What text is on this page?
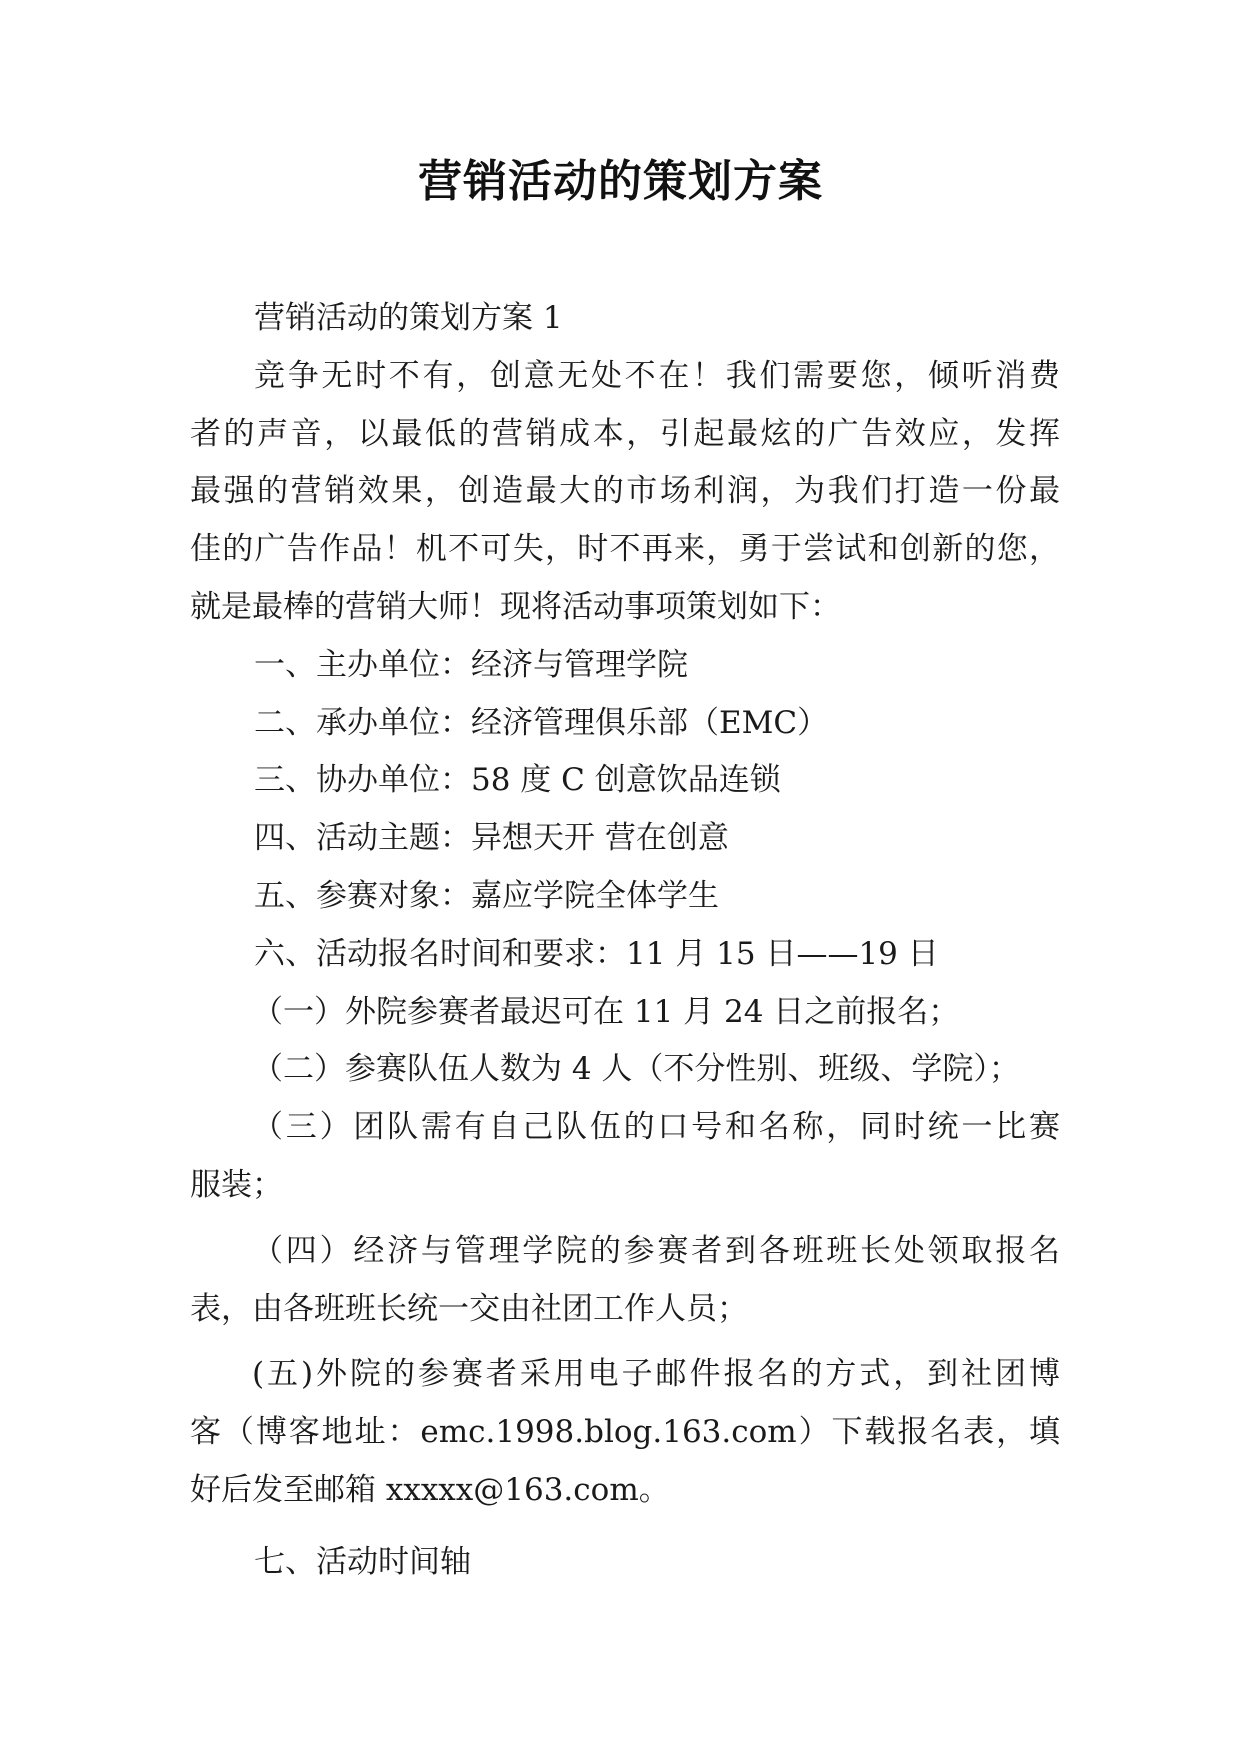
营销活动的策划方案
营销活动的策划方案 1
竞争无时不有，创意无处不在！我们需要您，倾听消费
者的声音，以最低的营销成本，引起最炫的广告效应，发挥
最强的营销效果，创造最大的市场利润，为我们打造一份最
佳的广告作品！机不可失，时不再来，勇于尝试和创新的您，
就是最棒的营销大师！现将活动事项策划如下：
一、主办单位：经济与管理学院
二、承办单位：经济管理俱乐部（EMC）
三、协办单位：58 度 C 创意饮品连锁
四、活动主题：异想天开 营在创意
五、参赛对象：嘉应学院全体学生
六、活动报名时间和要求：11 月 15 日——19 日
（一）外院参赛者最迟可在 11 月 24 日之前报名；
（二）参赛队伍人数为 4 人（不分性别、班级、学院）；
（三）团队需有自己队伍的口号和名称，同时统一比赛
服装；
（四）经济与管理学院的参赛者到各班班长处领取报名
表，由各班班长统一交由社团工作人员；
(五)外院的参赛者采用电子邮件报名的方式，到社团博
客（博客地址：emc.1998.blog.163.com）下载报名表，填
好后发至邮箱 xxxxx@163.com。
七、活动时间轴
